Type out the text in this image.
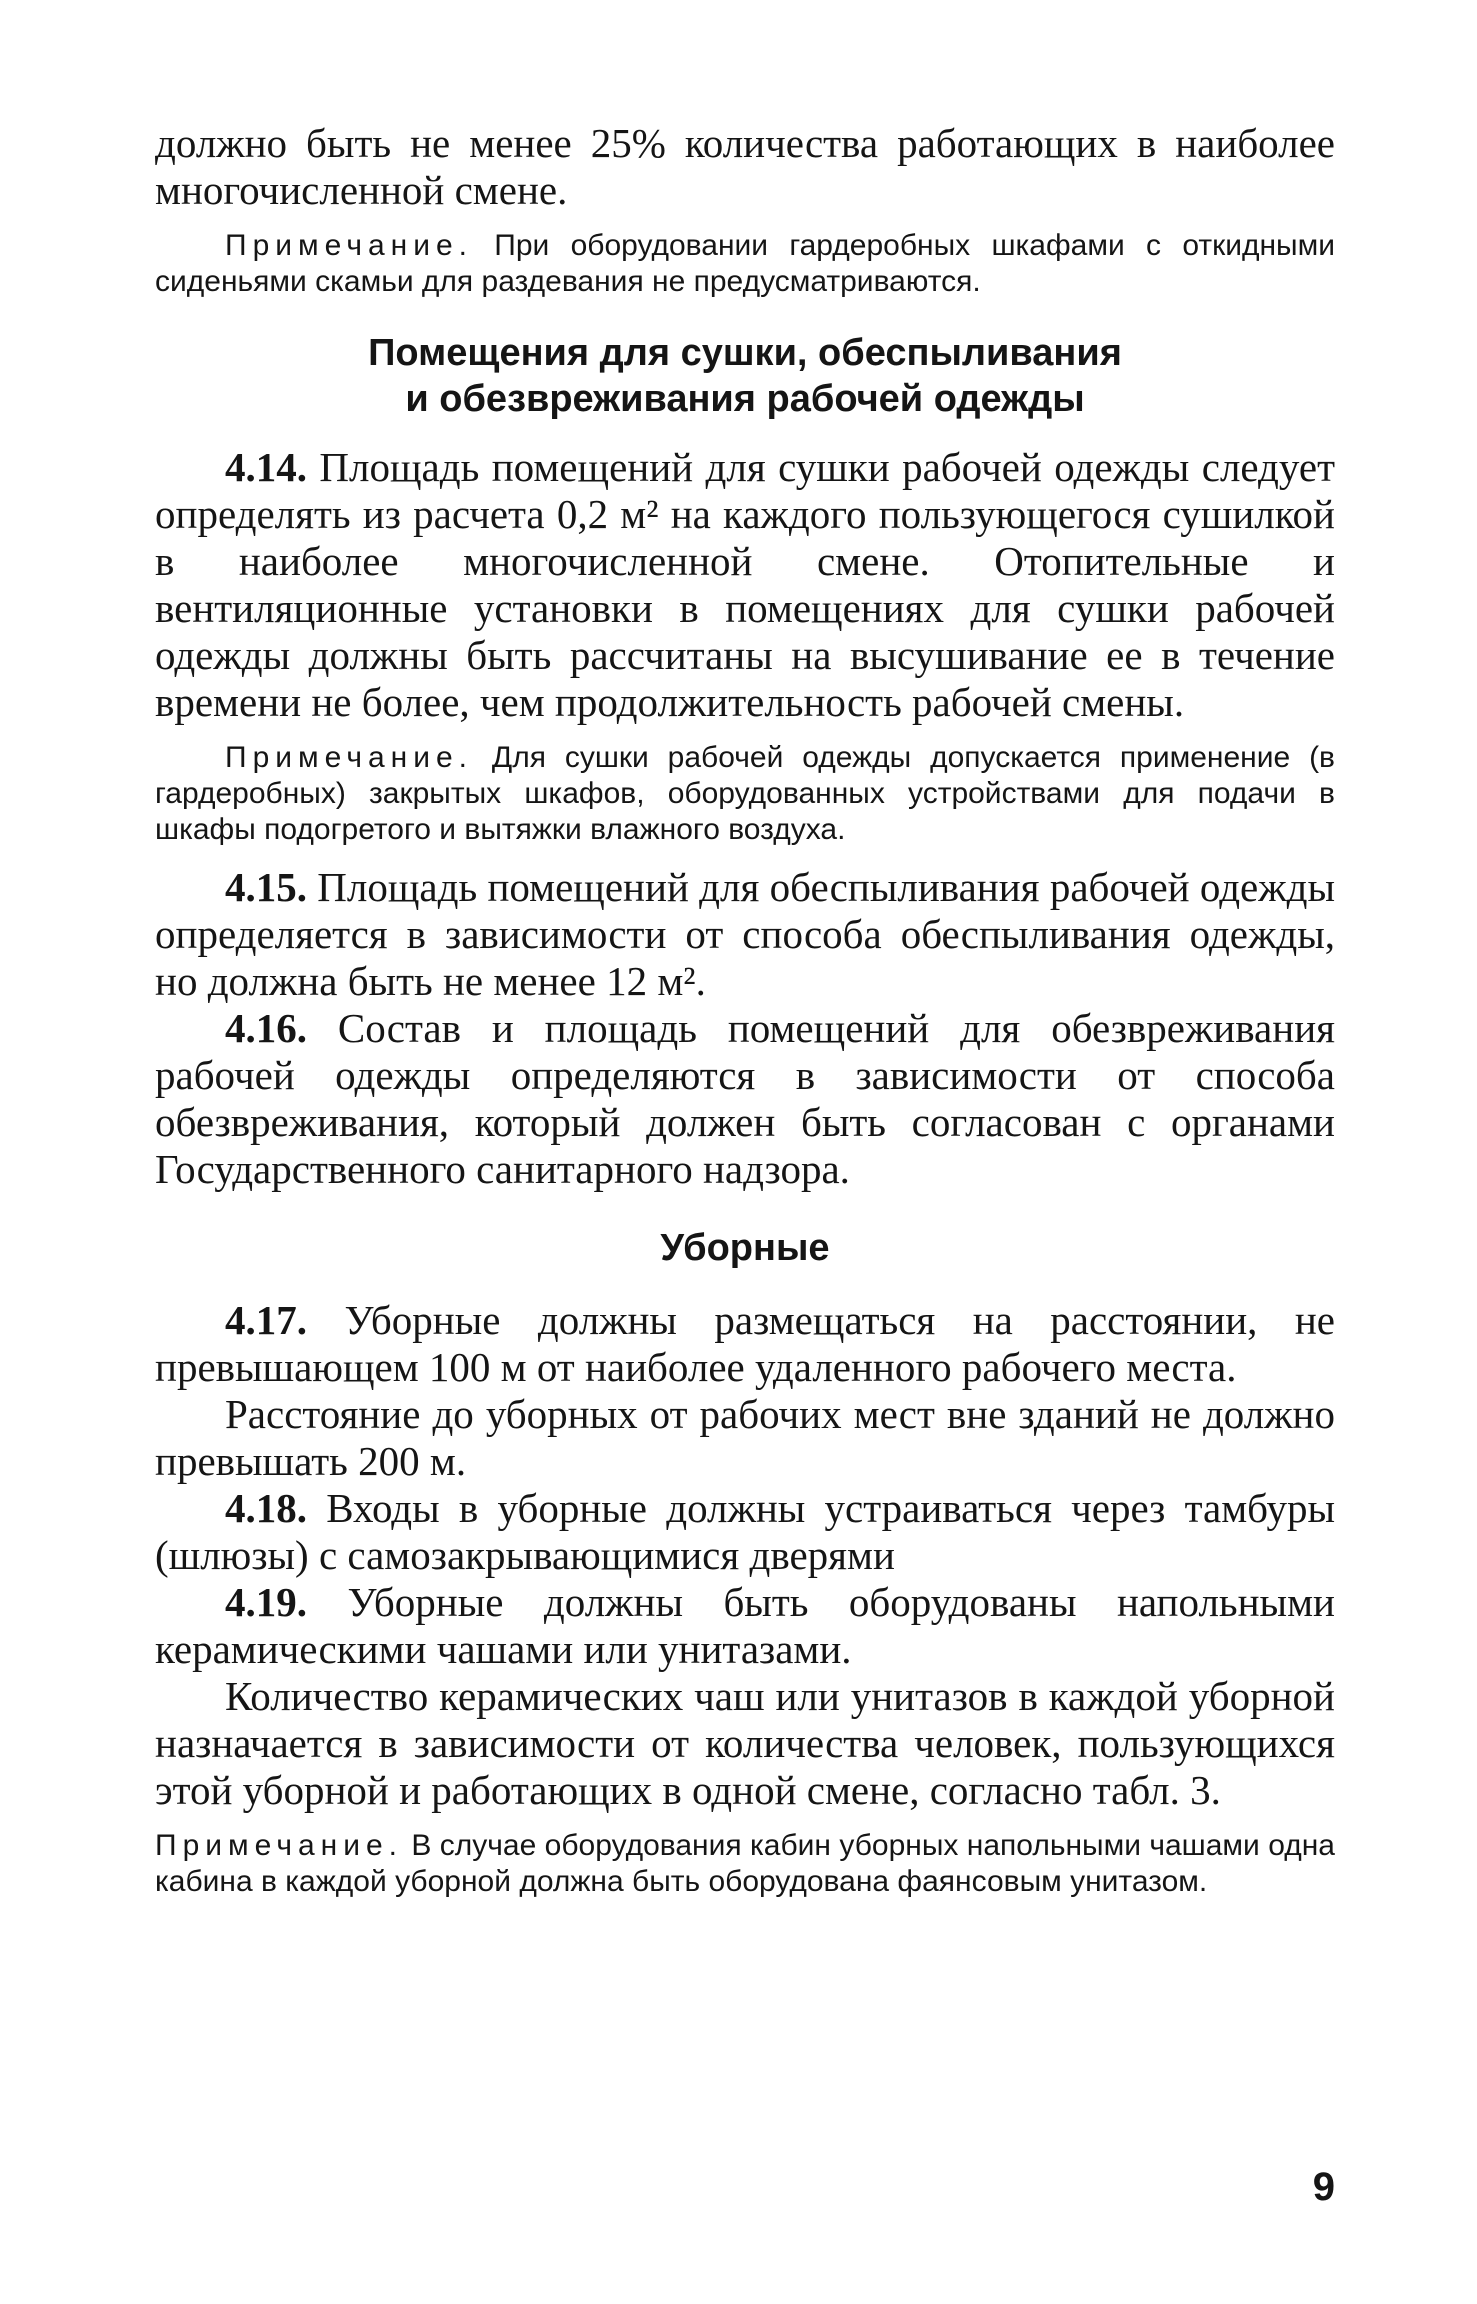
должно быть не менее 25% количества работающих в наиболее многочисленной смене.

Примечание. При оборудовании гардеробных шкафами с откидными сиденьями скамьи для раздевания не предусматриваются.

Помещения для сушки, обеспыливания

и обезвреживания рабочей одежды

4.14. Площадь помещений для сушки рабочей одежды следует определять из расчета 0,2 м² на каждого пользующегося сушилкой в наиболее многочисленной смене. Отопительные и вентиляционные установки в помещениях для сушки рабочей одежды должны быть рассчитаны на высушивание ее в течение времени не более, чем продолжительность рабочей смены.

Примечание. Для сушки рабочей одежды допускается применение (в гардеробных) закрытых шкафов, оборудованных устройствами для подачи в шкафы подогретого и вытяжки влажного воздуха.

4.15. Площадь помещений для обеспыливания рабочей одежды определяется в зависимости от способа обеспыливания одежды, но должна быть не менее 12 м².

4.16. Состав и площадь помещений для обезвреживания рабочей одежды определяются в зависимости от способа обезвреживания, который должен быть согласован с органами Государственного санитарного надзора.

Уборные

4.17. Уборные должны размещаться на расстоянии, не превышающем 100 м от наиболее удаленного рабочего места.

Расстояние до уборных от рабочих мест вне зданий не должно превышать 200 м.

4.18. Входы в уборные должны устраиваться через тамбуры (шлюзы) с самозакрывающимися дверями

4.19. Уборные должны быть оборудованы напольными керамическими чашами или унитазами.

Количество керамических чаш или унитазов в каждой уборной назначается в зависимости от количества человек, пользующихся этой уборной и работающих в одной смене, согласно табл. 3.

Примечание. В случае оборудования кабин уборных напольными чашами одна кабина в каждой уборной должна быть оборудована фаянсовым унитазом.

9
